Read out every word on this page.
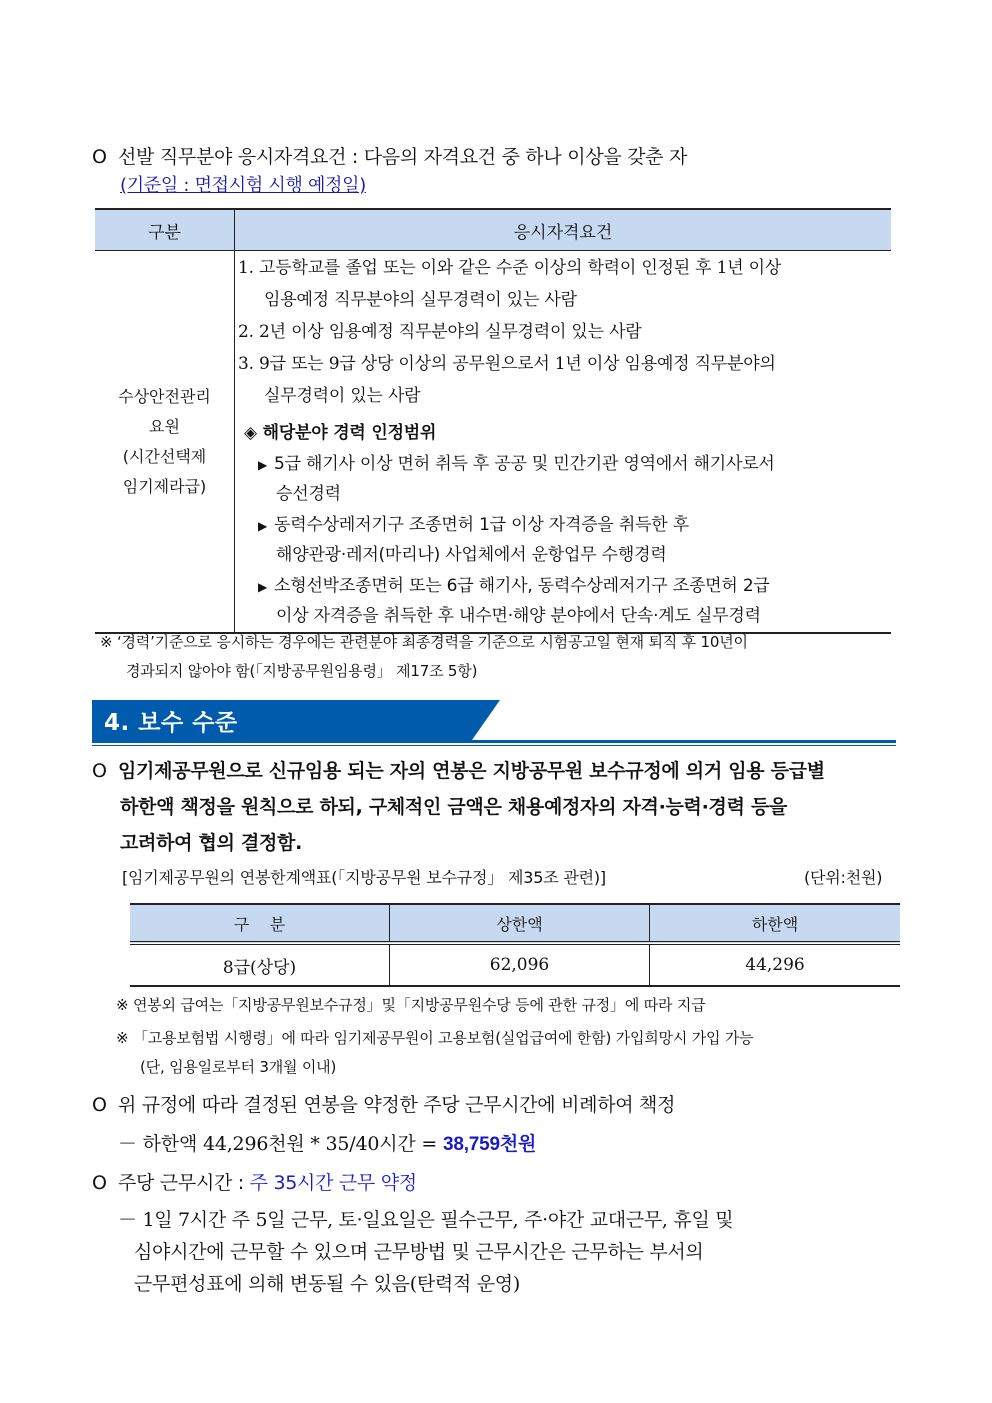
O 선발 직무분야 응시자격요건 : 다음의 자격요건 중 하나 이상을 갖춘 자
(기준일 : 면접시험 시행 예정일)
구분	응시자격요건

수상안전관리
요원
(시간선택제
임기제라급)

1. 고등학교를 졸업 또는 이와 같은 수준 이상의 학력이 인정된 후 1년 이상
임용예정 직무분야의 실무경력이 있는 사람
2. 2년 이상 임용예정 직무분야의 실무경력이 있는 사람
3. 9급 또는 9급 상당 이상의 공무원으로서 1년 이상 임용예정 직무분야의
실무경력이 있는 사람
◈ 해당분야 경력 인정범위
▶ 5급 해기사 이상 면허 취득 후 공공 및 민간기관 영역에서 해기사로서
승선경력
▶ 동력수상레저기구 조종면허 1급 이상 자격증을 취득한 후
해양관광·레저(마리나) 사업체에서 운항업무 수행경력
▶ 소형선박조종면허 또는 6급 해기사, 동력수상레저기구 조종면허 2급
이상 자격증을 취득한 후 내수면·해양 분야에서 단속·계도 실무경력
※ ‘경력’기준으로 응시하는 경우에는 관련분야 최종경력을 기준으로 시험공고일 현재 퇴직 후 10년이
경과되지 않아야 함(「지방공무원임용령」 제17조 5항)
4. 보수 수준
O 임기제공무원으로 신규임용 되는 자의 연봉은 지방공무원 보수규정에 의거 임용 등급별
하한액 책정을 원칙으로 하되, 구체적인 금액은 채용예정자의 자격·능력·경력 등을
고려하여 협의 결정함.
[임기제공무원의 연봉한계액표(「지방공무원 보수규정」 제35조 관련)]	(단위:천원)
구    분	상한액	하한액
8급(상당)	62,096	44,296
※ 연봉외 급여는「지방공무원보수규정」및「지방공무원수당 등에 관한 규정」에 따라 지급
※ 「고용보험법 시행령」에 따라 임기제공무원이 고용보험(실업급여에 한함) 가입희망시 가입 가능
(단, 임용일로부터 3개월 이내)
O 위 규정에 따라 결정된 연봉을 약정한 주당 근무시간에 비례하여 책정
－ 하한액 44,296천원 * 35/40시간 = 38,759천원
O 주당 근무시간 : 주 35시간 근무 약정
－ 1일 7시간 주 5일 근무, 토·일요일은 필수근무, 주·야간 교대근무, 휴일 및
심야시간에 근무할 수 있으며 근무방법 및 근무시간은 근무하는 부서의
근무편성표에 의해 변동될 수 있음(탄력적 운영)
